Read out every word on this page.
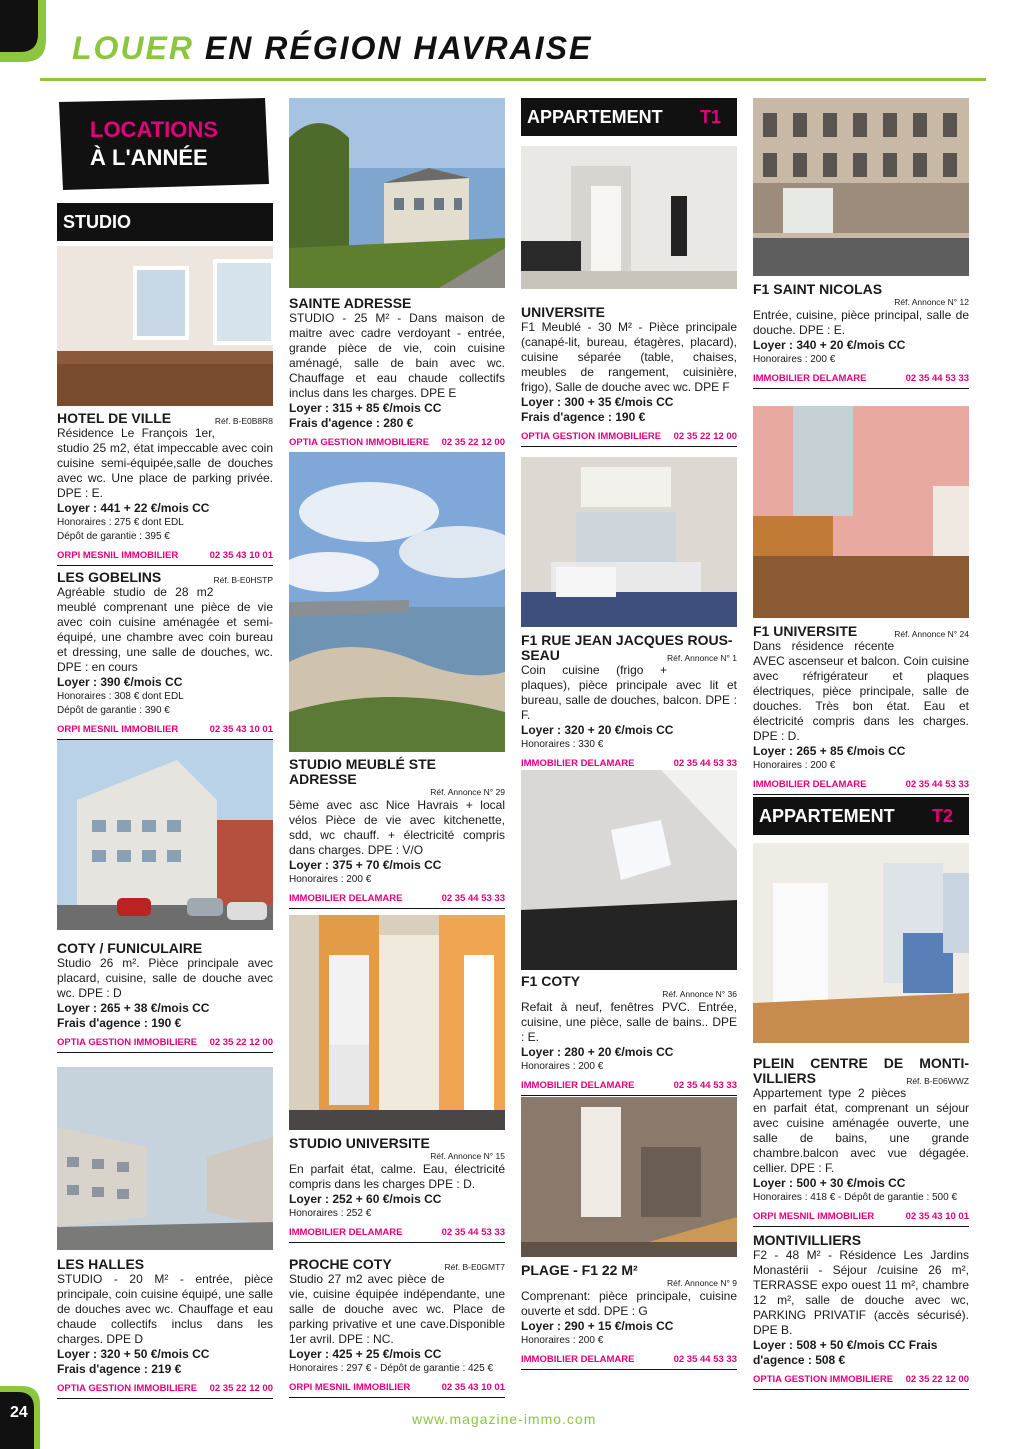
LOUER EN RÉGION HAVRAISE
LOCATIONS
À L'ANNÉE
STUDIO
HOTEL DE VILLE	Réf. B-E0B8R8
Résidence Le François 1er, studio 25 m2, état impeccable avec coin cuisine semi-équipée,salle de douches avec wc. Une place de parking privée. DPE : E.
Loyer : 441 + 22 €/mois CC
Honoraires : 275 € dont EDL
Dépôt de garantie : 395 €
ORPI MESNIL IMMOBILIER	02 35 43 10 01
LES GOBELINS	Réf. B-E0HSTP
Agréable studio de 28 m2 meublé comprenant une pièce de vie avec coin cuisine aménagée et semi-équipé, une chambre avec coin bureau et dressing, une salle de douches, wc. DPE : en cours
Loyer : 390 €/mois CC
Honoraires : 308 € dont EDL
Dépôt de garantie : 390 €
ORPI MESNIL IMMOBILIER	02 35 43 10 01
COTY / FUNICULAIRE
Studio 26 m². Pièce principale avec placard, cuisine, salle de douche avec wc. DPE : D
Loyer : 265 + 38 €/mois CC
Frais d'agence : 190 €
OPTIA GESTION IMMOBILIERE 02 35 22 12 00
LES HALLES
STUDIO - 20 M² - entrée, pièce principale, coin cuisine équipé, une salle de douches avec wc. Chauffage et eau chaude collectifs inclus dans les charges. DPE D
Loyer : 320 + 50 €/mois CC
Frais d'agence : 219 €
OPTIA GESTION IMMOBILIERE 02 35 22 12 00
SAINTE ADRESSE
STUDIO - 25 M² - Dans maison de maitre avec cadre verdoyant - entrée, grande pièce de vie, coin cuisine aménagé, salle de bain avec wc. Chauffage et eau chaude collectifs inclus dans les charges. DPE E
Loyer : 315 + 85 €/mois CC
Frais d'agence : 280 €
OPTIA GESTION IMMOBILIERE 02 35 22 12 00
STUDIO MEUBLÉ STE ADRESSE
Réf. Annonce N° 29
5ème avec asc Nice Havrais + local vélos Pièce de vie avec kitchenette, sdd, wc chauff. + électricité compris dans charges. DPE : V/O
Loyer : 375 + 70 €/mois CC
Honoraires : 200 €
IMMOBILIER DELAMARE	02 35 44 53 33
STUDIO UNIVERSITE
Réf. Annonce N° 15
En parfait état, calme. Eau, électricité compris dans les charges DPE : D.
Loyer : 252 + 60 €/mois CC
Honoraires : 252 €
IMMOBILIER DELAMARE	02 35 44 53 33
PROCHE COTY	Réf. B-E0GMT7
Studio 27 m2 avec pièce de vie, cuisine équipée indépendante, une salle de douche avec wc. Place de parking privative et une cave.Disponible 1er avril. DPE : NC.
Loyer : 425 + 25 €/mois CC
Honoraires : 297 € - Dépôt de garantie : 425 €
ORPI MESNIL IMMOBILIER	02 35 43 10 01
APPARTEMENT T1
UNIVERSITE
F1 Meublé - 30 M² - Pièce principale (canapé-lit, bureau, étagères, placard), cuisine séparée (table, chaises, meubles de rangement, cuisinière, frigo), Salle de douche avec wc. DPE F
Loyer : 300 + 35 €/mois CC
Frais d'agence : 190 €
OPTIA GESTION IMMOBILIERE 02 35 22 12 00
F1 RUE JEAN JACQUES ROUS-
SEAU	Réf. Annonce N° 1
Coin cuisine (frigo + plaques), pièce principale avec lit et bureau, salle de douches, balcon. DPE : F.
Loyer : 320 + 20 €/mois CC
Honoraires : 330 €
IMMOBILIER DELAMARE	02 35 44 53 33
F1 COTY
Réf. Annonce N° 36
Refait à neuf, fenêtres PVC. Entrée, cuisine, une pièce, salle de bains.. DPE : E.
Loyer : 280 + 20 €/mois CC
Honoraires : 200 €
IMMOBILIER DELAMARE	02 35 44 53 33
PLAGE - F1 22 M²
Réf. Annonce N° 9
Comprenant: pièce principale, cuisine ouverte et sdd. DPE : G
Loyer : 290 + 15 €/mois CC
Honoraires : 200 €
IMMOBILIER DELAMARE	02 35 44 53 33
F1 SAINT NICOLAS
Réf. Annonce N° 12
Entrée, cuisine, pièce principal, salle de douche. DPE : E.
Loyer : 340 + 20 €/mois CC
Honoraires : 200 €
IMMOBILIER DELAMARE	02 35 44 53 33
F1 UNIVERSITE	Réf. Annonce N° 24
Dans résidence récente AVEC ascenseur et balcon. Coin cuisine avec réfrigérateur et plaques électriques, pièce principale, salle de douches. Très bon état. Eau et électricité compris dans les charges. DPE : D.
Loyer : 265 + 85 €/mois CC
Honoraires : 200 €
IMMOBILIER DELAMARE	02 35 44 53 33
APPARTEMENT T2
PLEIN CENTRE DE MONTI-
VILLIERS	Réf. B-E06WWZ
Appartement type 2 pièces en parfait état, comprenant un séjour avec cuisine aménagée ouverte, une salle de bains, une grande chambre.balcon avec vue dégagée. cellier. DPE : F.
Loyer : 500 + 30 €/mois CC
Honoraires : 418 € - Dépôt de garantie : 500 €
ORPI MESNIL IMMOBILIER	02 35 43 10 01
MONTIVILLIERS
F2 - 48 M² - Résidence Les Jardins Monastérii - Séjour /cuisine 26 m², TERRASSE expo ouest 11 m², chambre 12 m², salle de douche avec wc, PARKING PRIVATIF (accès sécurisé). DPE B.
Loyer : 508 + 50 €/mois CC Frais d'agence : 508 €
OPTIA GESTION IMMOBILIERE 02 35 22 12 00
24	www.magazine-immo.com
